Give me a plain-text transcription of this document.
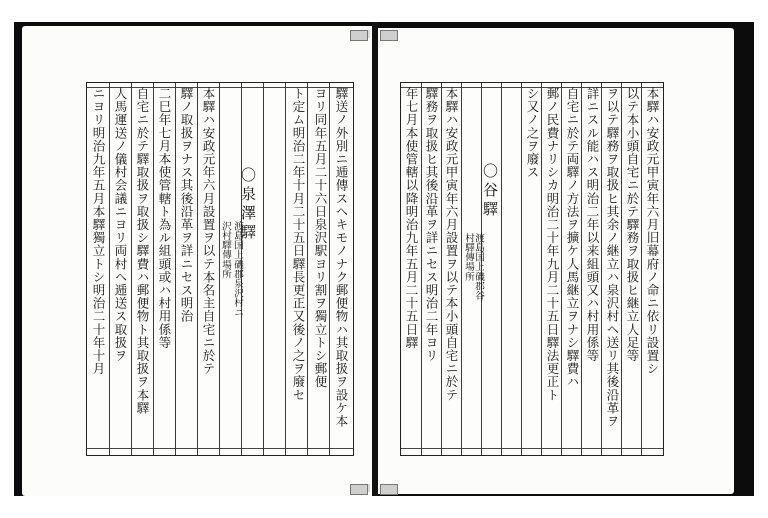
驛送ノ外別ニ逓傳スヘキモノナク郵便物ハ其取扱ヲ設ケ本
ヨリ同年五月二十六日泉沢駅ヨリ割ヲ獨立トシ郵便
ト定ム明治二年十月二十五日驛長更正又後ノ之ヲ廢セ
〇泉澤驛
渡島国上磯郡泉沢村ニ
沢村驛傳場所
本驛ハ安政元年六月設置ヲ以テ本名主自宅ニ於テ
驛ノ取扱ヲナス其後沿革ヲ詳ニセス明治
二巳年七月本使管轄ト為ル組頭或ハ村用係等
自宅ニ於テ驛取扱ヲ取扱シ驛費ハ郵便物ト其取扱ヲ本驛
人馬運送ノ儀村会議ニヨリ両村ヘ逓送ス取扱ヲ
ニヨリ明治九年五月本驛獨立トシ明治二十年十月	本驛ハ安政元甲寅年六月旧幕府ノ命ニ依リ設置シ
以テ本小頭自宅ニ於テ驛務ヲ取扱ヒ継立人足等
ヲ以テ驛務ヲ取扱ヒ其余ノ継立ハ泉沢村ヘ送リ其後沿革ヲ
詳ニスル能ハス明治二年以来組頭又ハ村用係等
自宅ニ於テ両驛ノ方法ヲ擴ケ人馬継立ヲナシ驛費ハ
郵ノ民費ナリシカ明治二十年九月二十五日驛法更正ト
シ又ノ之ヲ廢ス
〇谷驛
渡島国上磯郡谷
村驛傳場所
本驛ハ安政元甲寅年六月設置ヲ以テ本小頭自宅ニ於テ
驛務ヲ取扱ヒ其後沿革ヲ詳ニセス明治二年ヨリ
年七月本使管轄以降明治九年五月二十五日驛
